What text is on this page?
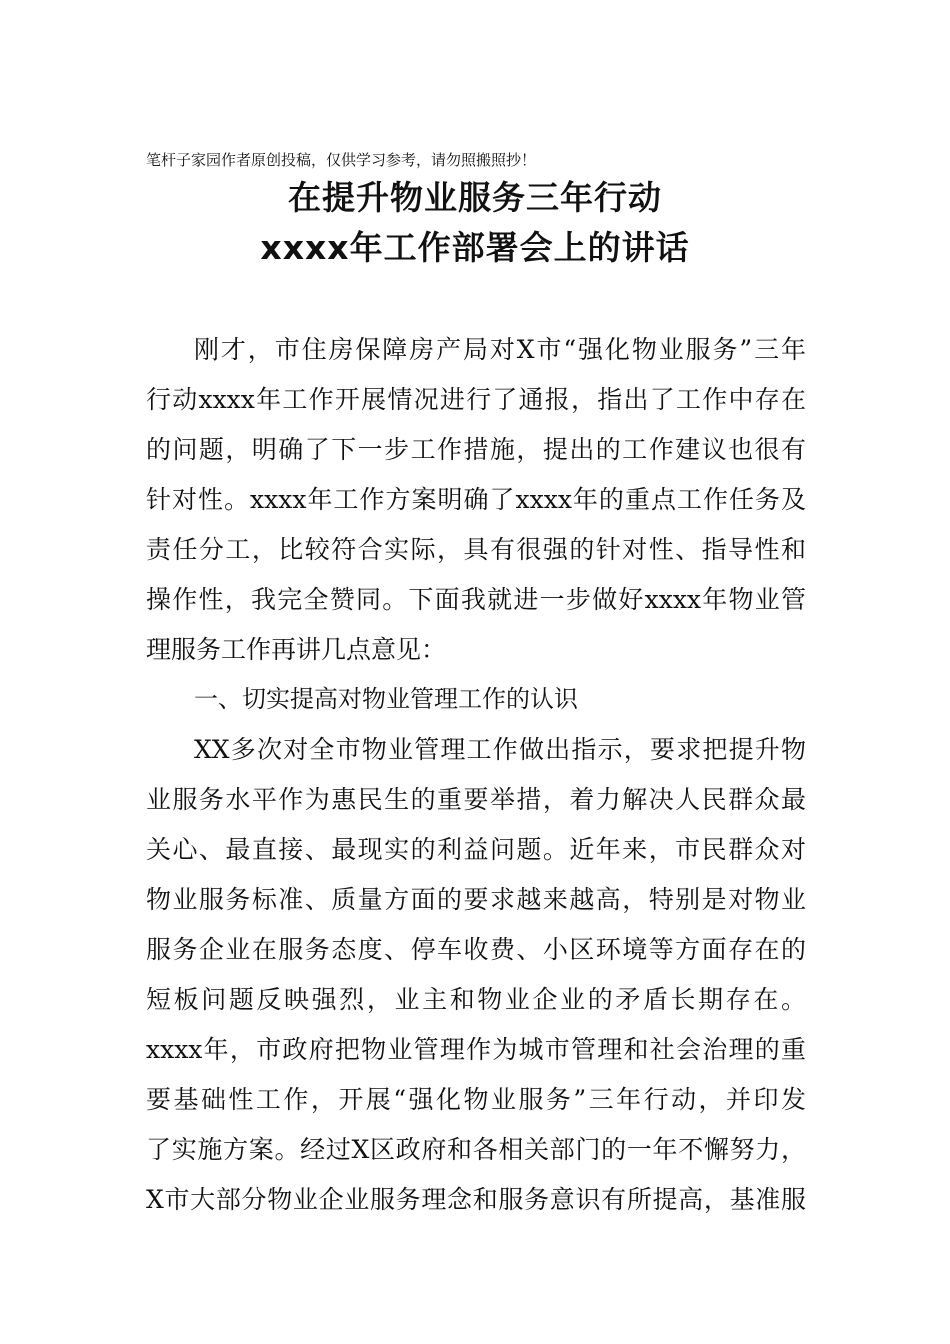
笔杆子家园作者原创投稿，仅供学习参考，请勿照搬照抄！
在提升物业服务三年行动
xxxx年工作部署会上的讲话
刚才，市住房保障房产局对X市“强化物业服务”三年
行动xxxx年工作开展情况进行了通报，指出了工作中存在
的问题，明确了下一步工作措施，提出的工作建议也很有
针对性。xxxx年工作方案明确了xxxx年的重点工作任务及
责任分工，比较符合实际，具有很强的针对性、指导性和
操作性，我完全赞同。下面我就进一步做好xxxx年物业管
理服务工作再讲几点意见：
一、切实提高对物业管理工作的认识
XX多次对全市物业管理工作做出指示，要求把提升物
业服务水平作为惠民生的重要举措，着力解决人民群众最
关心、最直接、最现实的利益问题。近年来，市民群众对
物业服务标准、质量方面的要求越来越高，特别是对物业
服务企业在服务态度、停车收费、小区环境等方面存在的
短板问题反映强烈，业主和物业企业的矛盾长期存在。
xxxx年，市政府把物业管理作为城市管理和社会治理的重
要基础性工作，开展“强化物业服务”三年行动，并印发
了实施方案。经过X区政府和各相关部门的一年不懈努力，
X市大部分物业企业服务理念和服务意识有所提高，基准服
